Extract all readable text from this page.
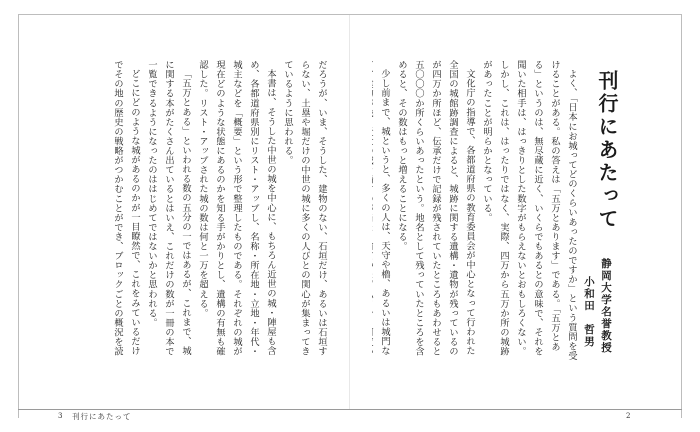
刊行にあたって
静岡大学名誉教授
小和田　哲男

よく、「日本にお城ってどのくらいあったのですか」という質問を受けることがある。私の答えは「五万とあります」である。「五万とある」というのは、無尽蔵に近く、いくらでもあるとの意味で、それを聞いた相手は、はっきりとした数字がもらえないとおもしろくない。しかし、これは、はったりではなく、実際、四万から五万か所の城跡があったことが明らかとなっている。

文化庁の指導で、各都道府県の教育委員会が中心となって行われた全国の城館跡調査によると、城跡に関する遺構・遺物が残っているのが四万か所ほど、伝承だけで記録が残されていたところもあわせると五〇〇〇か所くらいあったという。地名として残っていたところを含めると、その数はもっと増えることになる。

少し前まで、城というと、多くの人は、天守や櫓、あるいは城門な

だろうが、いま、そうした、建物のない、石垣だけ、あるいは石垣すらない、土塁や堀だけの中世の城に多くの人びとの関心が集まってきているように思われる。

本書は、そうした中世の城を中心に、もちろん近世の城・陣屋も含め、各都道府県別にリスト・アップし、名称・所在地・立地・年代・城主などを「概要」という形で整理したものである。それぞれの城が現在どのような状態にあるのかを知る手がかりとし、遺構の有無も確認した。リスト・アップされた城の数は何と一万を超える。

「五万とある」といわれる数の五分の一ではあるが、これまで、城に関する本がたくさん出ているとはいえ、これだけの数が一冊の本で一覧できるようになったのははじめてではないかと思われる。

どこにどのような城があるのかが一目瞭然で、これをみているだけでその地の歴史の戦略がつかむことができ、ブロックごとの概況を読

3 刊行にあたって	2
